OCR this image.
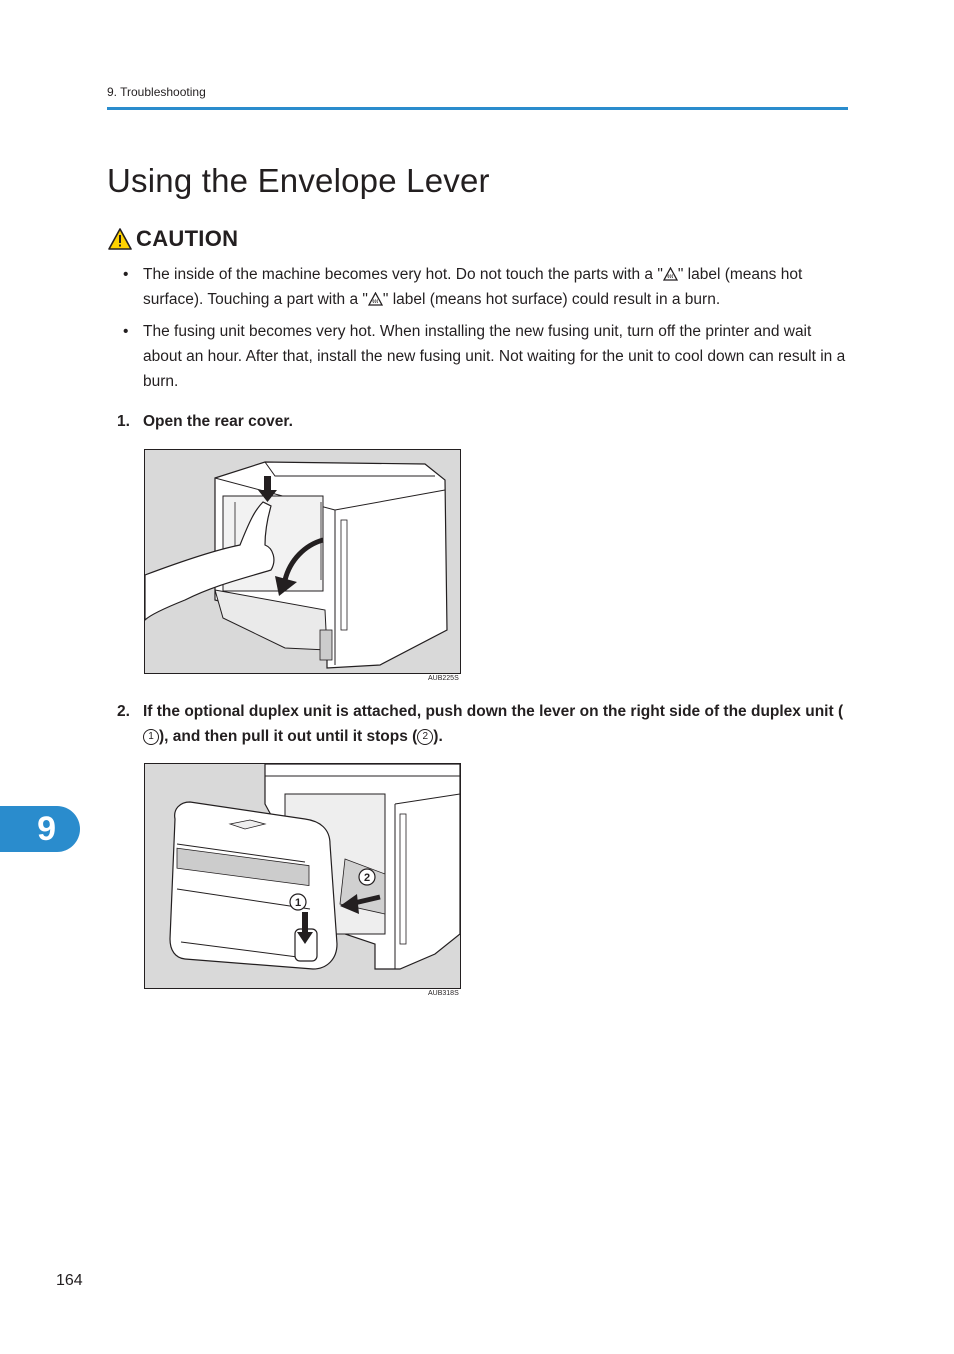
9. Troubleshooting
Using the Envelope Lever
CAUTION
• The inside of the machine becomes very hot. Do not touch the parts with a " " label (means hot surface). Touching a part with a " " label (means hot surface) could result in a burn.
• The fusing unit becomes very hot. When installing the new fusing unit, turn off the printer and wait about an hour. After that, install the new fusing unit. Not waiting for the unit to cool down can result in a burn.
1. Open the rear cover.
AUB225S
2. If the optional duplex unit is attached, push down the lever on the right side of the duplex unit (1 ), and then pull it out until it stops ( 2 ).
1
2
AUB318S
9
164
